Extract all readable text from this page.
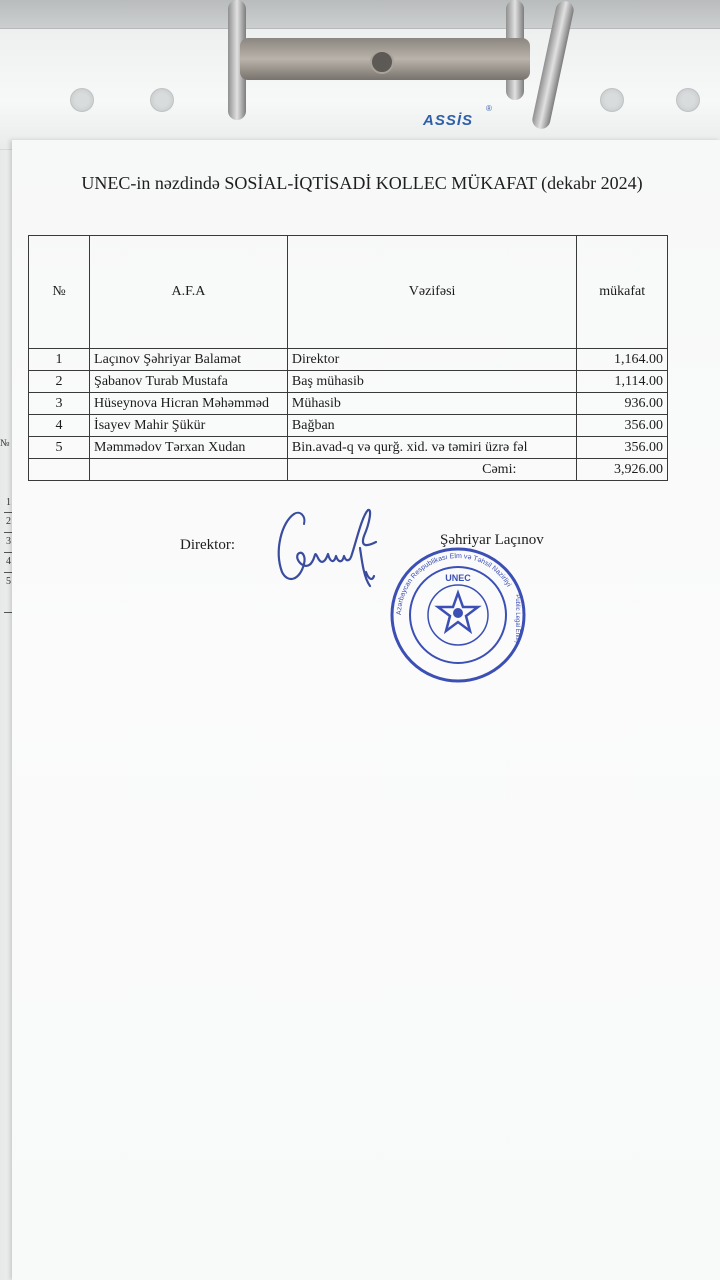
ASSİS
®
№
1
2
3
4
5
UNEC-in nəzdində SOSİAL-İQTİSADİ KOLLEC MÜKAFAT (dekabr 2024)
№	A.F.A	Vəzifəsi	mükafat
1	Laçınov Şəhriyar Balamət	Direktor	1,164.00
2	Şabanov Turab Mustafa	Baş mühasib	1,114.00
3	Hüseynova Hicran Məhəmməd	Mühasib	936.00
4	İsayev Mahir Şükür	Bağban	356.00
5	Məmmədov Tərxan Xudan	Bin.avad-q və qurğ. xid. və təmiri üzrə fəl	356.00
		Cəmi:	3,926.00
Direktor:	Şəhriyar Laçınov
Azərbaycan Respublikası Elm və Təhsil Nazirliyi
UNEC
Public Legal Entity
